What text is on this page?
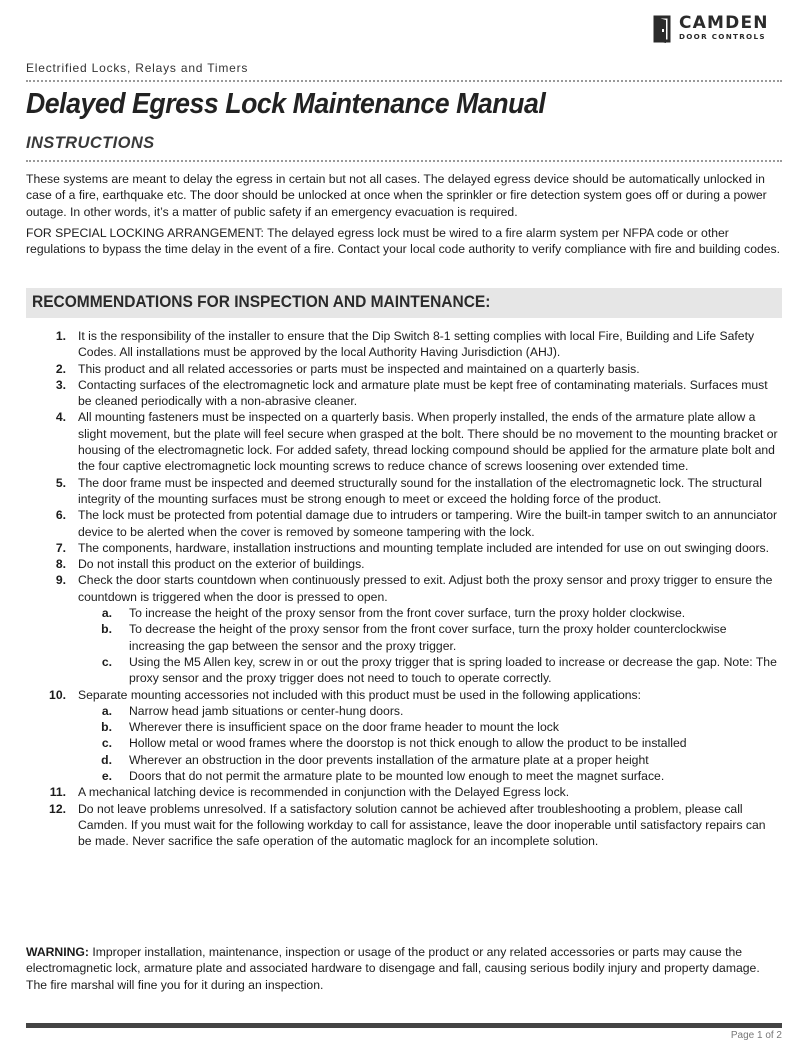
CAMDEN
DOOR CONTROLS
Electrified Locks, Relays and Timers
Delayed Egress Lock Maintenance Manual
INSTRUCTIONS

These systems are meant to delay the egress in certain but not all cases. The delayed egress device should be automatically unlocked in case of a fire, earthquake etc. The door should be unlocked at once when the sprinkler or fire detection system goes off or during a power outage. In other words, it’s a matter of public safety if an emergency evacuation is required.

FOR SPECIAL LOCKING ARRANGEMENT: The delayed egress lock must be wired to a fire alarm system per NFPA code or other regulations to bypass the time delay in the event of a fire. Contact your local code authority to verify compliance with fire and building codes.

RECOMMENDATIONS FOR INSPECTION AND MAINTENANCE:
1. It is the responsibility of the installer to ensure that the Dip Switch 8-1 setting complies with local Fire, Building and Life Safety Codes. All installations must be approved by the local Authority Having Jurisdiction (AHJ).
2. This product and all related accessories or parts must be inspected and maintained on a quarterly basis.
3. Contacting surfaces of the electromagnetic lock and armature plate must be kept free of contaminating materials. Surfaces must be cleaned periodically with a non-abrasive cleaner.
4. All mounting fasteners must be inspected on a quarterly basis. When properly installed, the ends of the armature plate allow a slight movement, but the plate will feel secure when grasped at the bolt. There should be no movement to the mounting bracket or housing of the electromagnetic lock. For added safety, thread locking compound should be applied for the armature plate bolt and the four captive electromagnetic lock mounting screws to reduce chance of screws loosening over extended time.
5. The door frame must be inspected and deemed structurally sound for the installation of the electromagnetic lock. The structural integrity of the mounting surfaces must be strong enough to meet or exceed the holding force of the product.
6. The lock must be protected from potential damage due to intruders or tampering. Wire the built-in tamper switch to an annunciator device to be alerted when the cover is removed by someone tampering with the lock.
7. The components, hardware, installation instructions and mounting template included are intended for use on out swinging doors.
8. Do not install this product on the exterior of buildings.
9. Check the door starts countdown when continuously pressed to exit. Adjust both the proxy sensor and proxy trigger to ensure the countdown is triggered when the door is pressed to open.
a. To increase the height of the proxy sensor from the front cover surface, turn the proxy holder clockwise.
b. To decrease the height of the proxy sensor from the front cover surface, turn the proxy holder counterclockwise increasing the gap between the sensor and the proxy trigger.
c. Using the M5 Allen key, screw in or out the proxy trigger that is spring loaded to increase or decrease the gap. Note: The proxy sensor and the proxy trigger does not need to touch to operate correctly.
10. Separate mounting accessories not included with this product must be used in the following applications:
a. Narrow head jamb situations or center-hung doors.
b. Wherever there is insufficient space on the door frame header to mount the lock
c. Hollow metal or wood frames where the doorstop is not thick enough to allow the product to be installed
d. Wherever an obstruction in the door prevents installation of the armature plate at a proper height
e. Doors that do not permit the armature plate to be mounted low enough to meet the magnet surface.
11. A mechanical latching device is recommended in conjunction with the Delayed Egress lock.
12. Do not leave problems unresolved. If a satisfactory solution cannot be achieved after troubleshooting a problem, please call Camden. If you must wait for the following workday to call for assistance, leave the door inoperable until satisfactory repairs can be made. Never sacrifice the safe operation of the automatic maglock for an incomplete solution.

WARNING: Improper installation, maintenance, inspection or usage of the product or any related accessories or parts may cause the electromagnetic lock, armature plate and associated hardware to disengage and fall, causing serious bodily injury and property damage.

The fire marshal will fine you for it during an inspection.

Page 1 of 2
